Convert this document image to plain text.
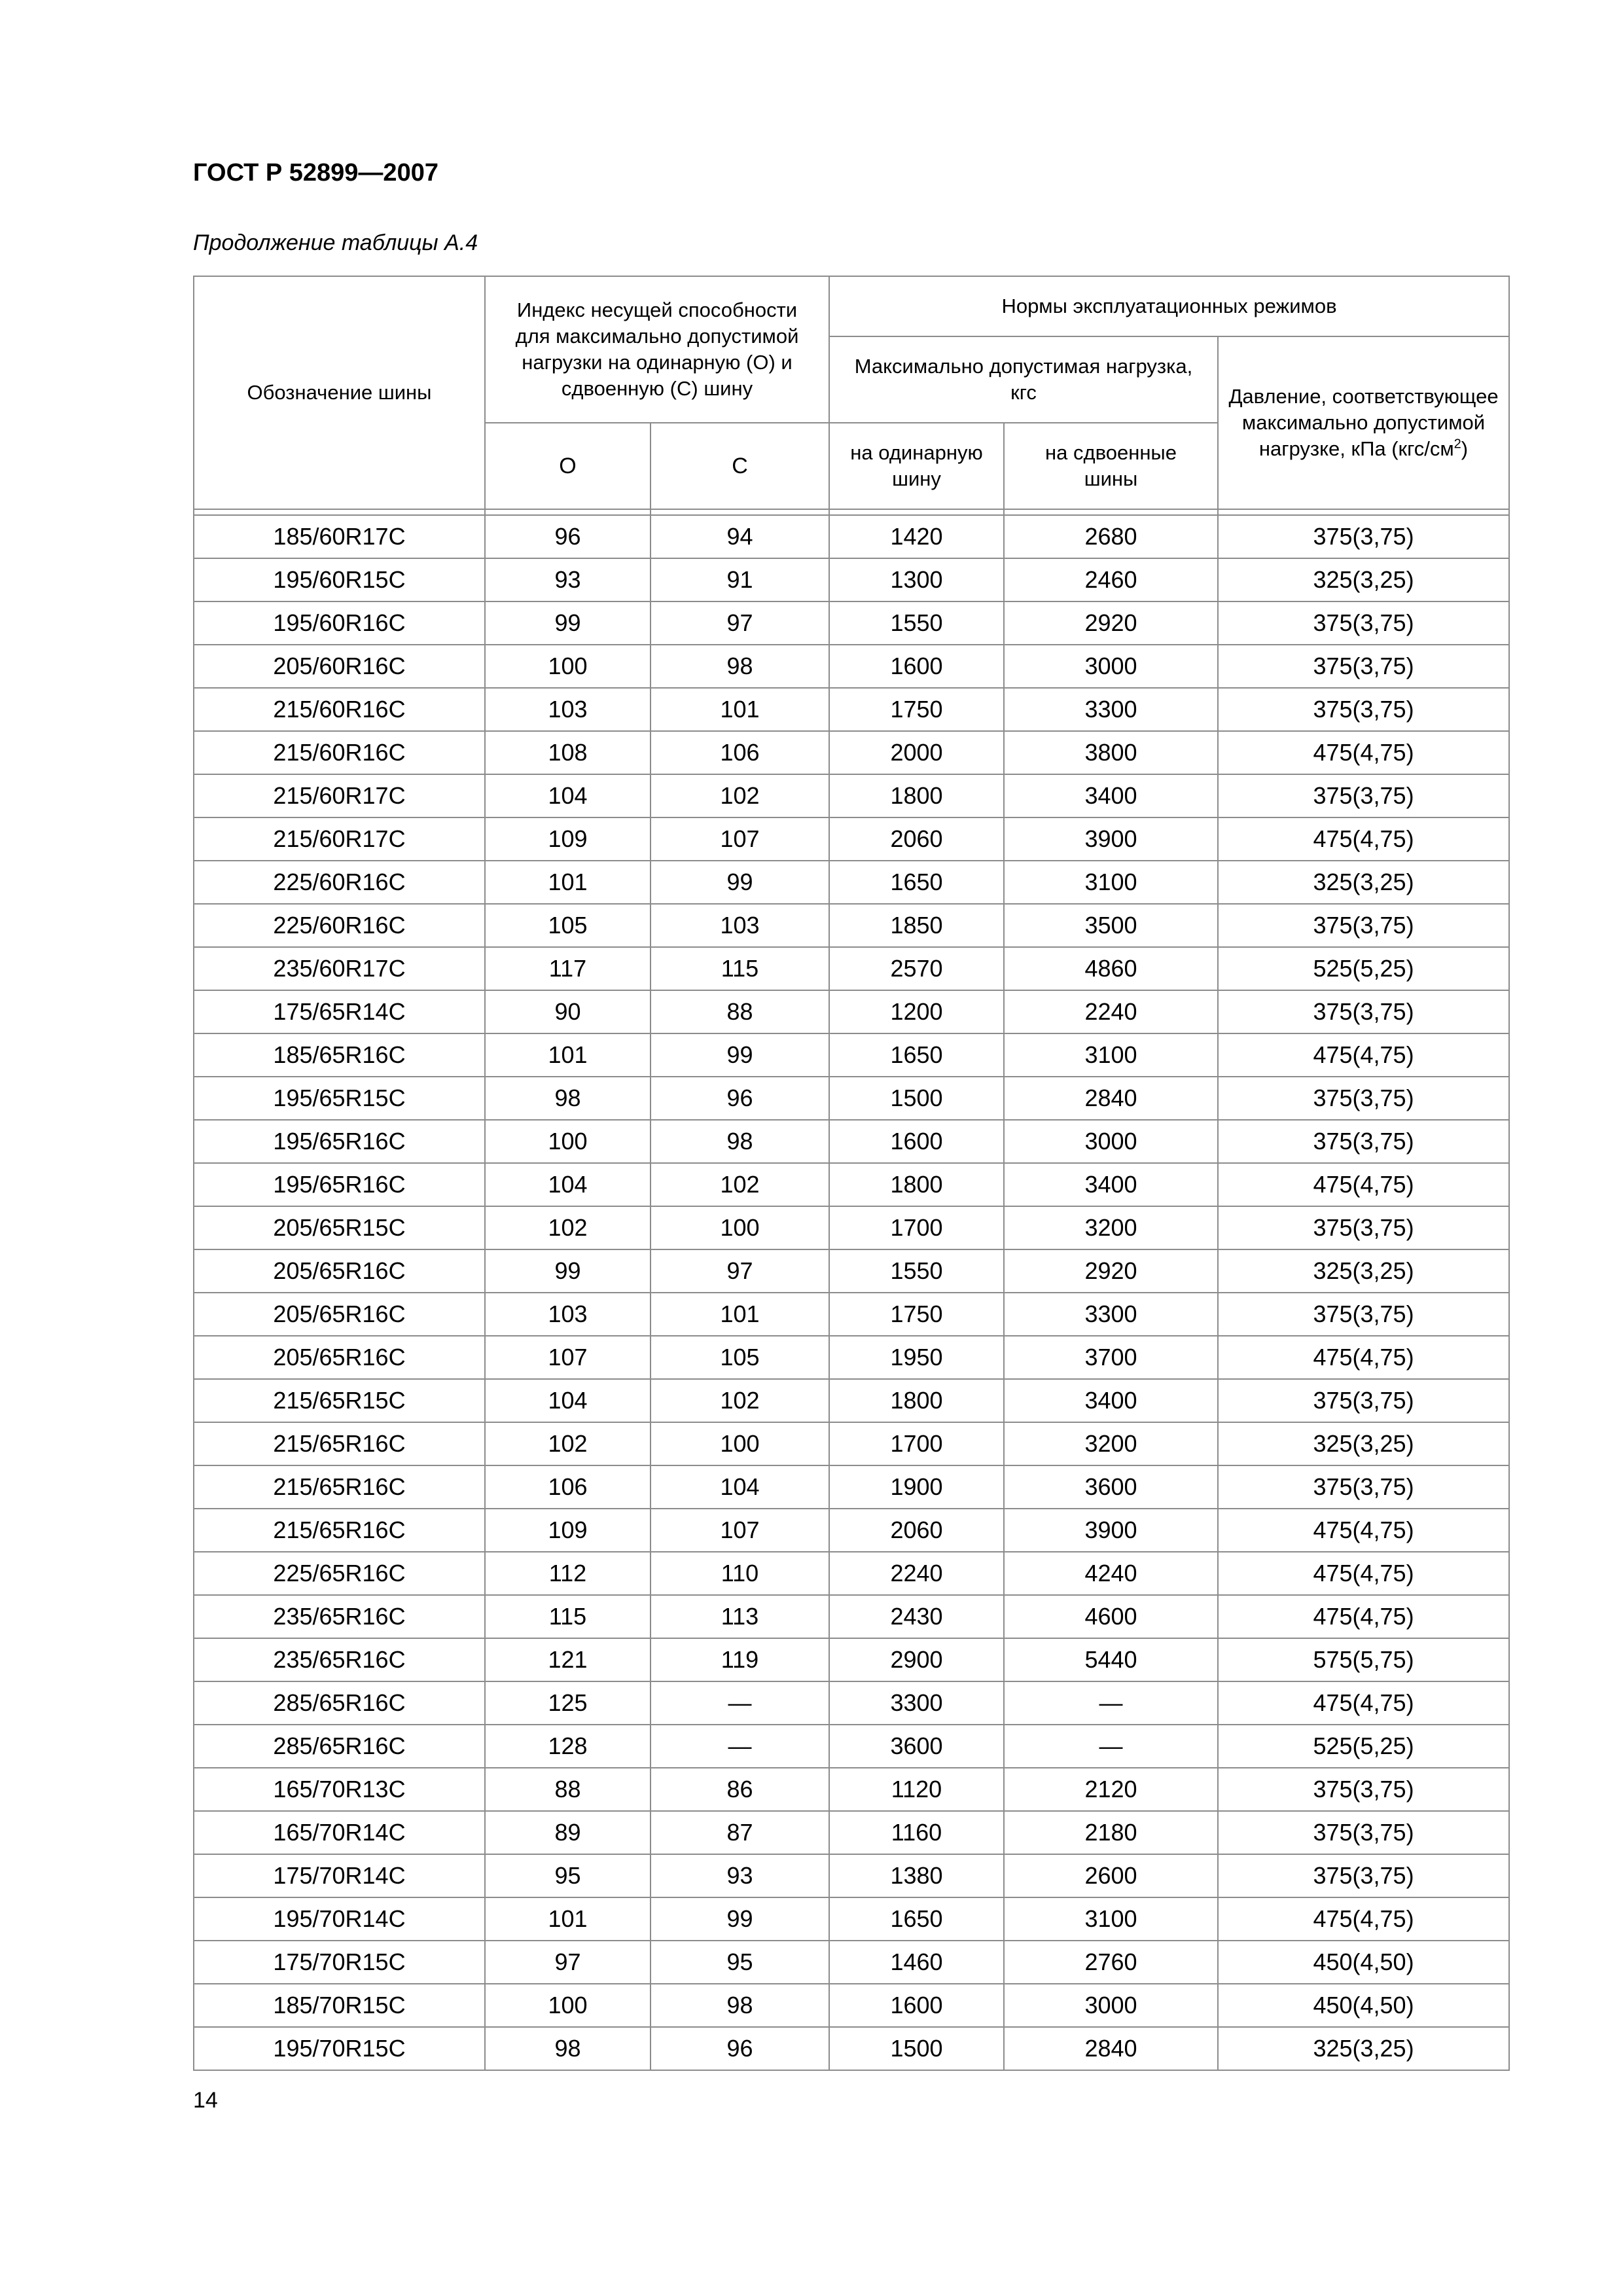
ГОСТ Р 52899—2007
Продолжение таблицы А.4
Обозначение шины	Индекс несущей способности для максимально допустимой нагрузки на одинарную (О) и сдвоенную (С) шину		Нормы эксплуатационных режимов		
			Максимально допустимая нагрузка, кгс		Давление, соответствующее максимально допустимой нагрузке, кПа $(кгс/см^2)$
	О	С	на одинарную шину	на сдвоенные шины	

185/60R17C	96	94	1420	2680	375(3,75)
195/60R15C	93	91	1300	2460	325(3,25)
195/60R16C	99	97	1550	2920	375(3,75)
205/60R16C	100	98	1600	3000	375(3,75)
215/60R16C	103	101	1750	3300	375(3,75)
215/60R16C	108	106	2000	3800	475(4,75)
215/60R17C	104	102	1800	3400	375(3,75)
215/60R17C	109	107	2060	3900	475(4,75)
225/60R16C	101	99	1650	3100	325(3,25)
225/60R16C	105	103	1850	3500	375(3,75)
235/60R17C	117	115	2570	4860	525(5,25)
175/65R14C	90	88	1200	2240	375(3,75)
185/65R16C	101	99	1650	3100	475(4,75)
195/65R15C	98	96	1500	2840	375(3,75)
195/65R16C	100	98	1600	3000	375(3,75)
195/65R16C	104	102	1800	3400	475(4,75)
205/65R15C	102	100	1700	3200	375(3,75)
205/65R16C	99	97	1550	2920	325(3,25)
205/65R16C	103	101	1750	3300	375(3,75)
205/65R16C	107	105	1950	3700	475(4,75)
215/65R15C	104	102	1800	3400	375(3,75)
215/65R16C	102	100	1700	3200	325(3,25)
215/65R16C	106	104	1900	3600	375(3,75)
215/65R16C	109	107	2060	3900	475(4,75)
225/65R16C	112	110	2240	4240	475(4,75)
235/65R16C	115	113	2430	4600	475(4,75)
235/65R16C	121	119	2900	5440	575(5,75)
285/65R16C	125	—	3300	—	475(4,75)
285/65R16C	128	—	3600	—	525(5,25)
165/70R13C	88	86	1120	2120	375(3,75)
165/70R14C	89	87	1160	2180	375(3,75)
175/70R14C	95	93	1380	2600	375(3,75)
195/70R14C	101	99	1650	3100	475(4,75)
175/70R15C	97	95	1460	2760	450(4,50)
185/70R15C	100	98	1600	3000	450(4,50)
195/70R15C	98	96	1500	2840	325(3,25)
14
